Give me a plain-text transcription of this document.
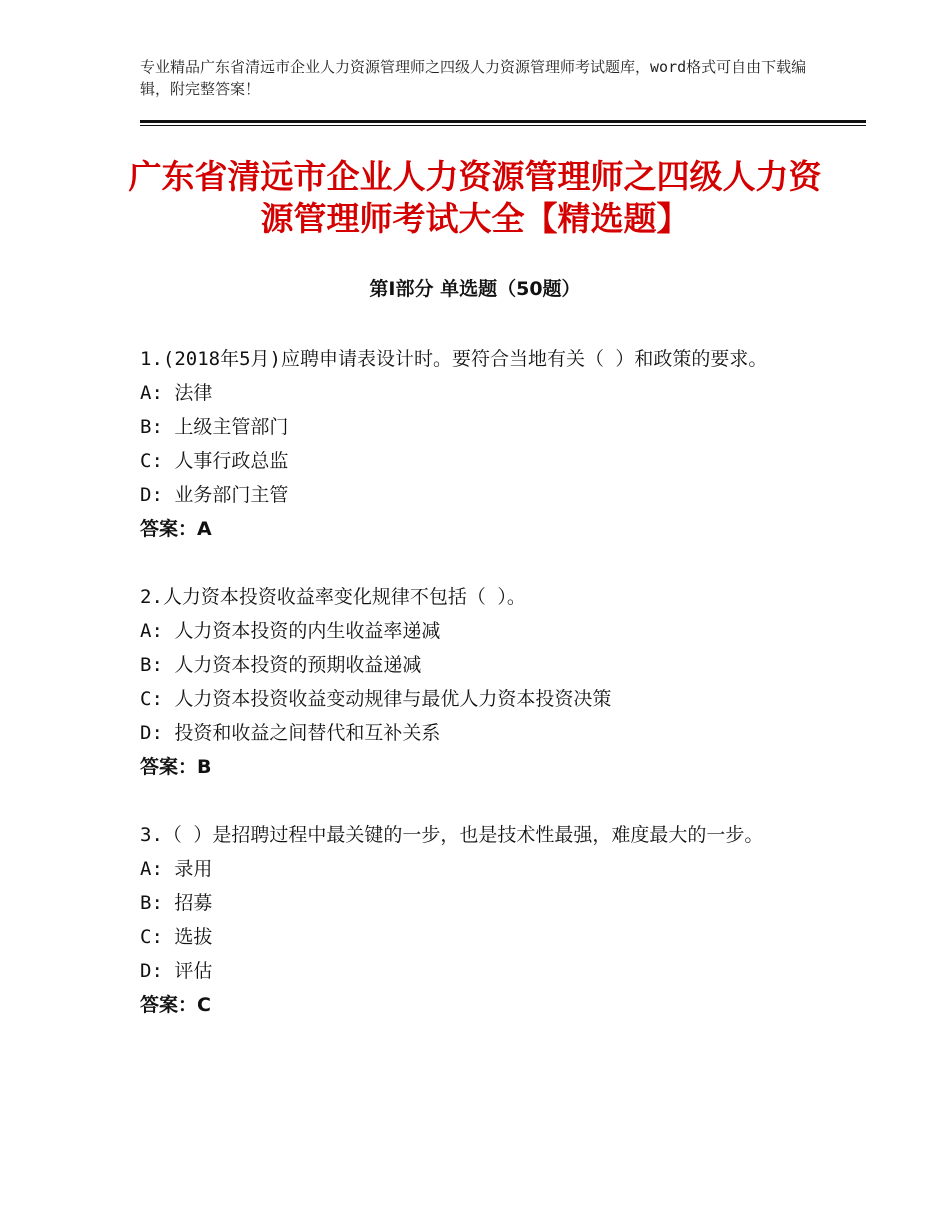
专业精品广东省清远市企业人力资源管理师之四级人力资源管理师考试题库，word格式可自由下载编辑，附完整答案！
广东省清远市企业人力资源管理师之四级人力资源管理师考试大全【精选题】
第Ⅰ部分 单选题（50题）
1.(2018年5月)应聘申请表设计时。要符合当地有关（ ）和政策的要求。
A: 法律
B: 上级主管部门
C: 人事行政总监
D: 业务部门主管
答案：A
2.人力资本投资收益率变化规律不包括（ ）。
A: 人力资本投资的内生收益率递减
B: 人力资本投资的预期收益递减
C: 人力资本投资收益变动规律与最优人力资本投资决策
D: 投资和收益之间替代和互补关系
答案：B
3.（ ）是招聘过程中最关键的一步，也是技术性最强，难度最大的一步。
A: 录用
B: 招募
C: 选拔
D: 评估
答案：C
